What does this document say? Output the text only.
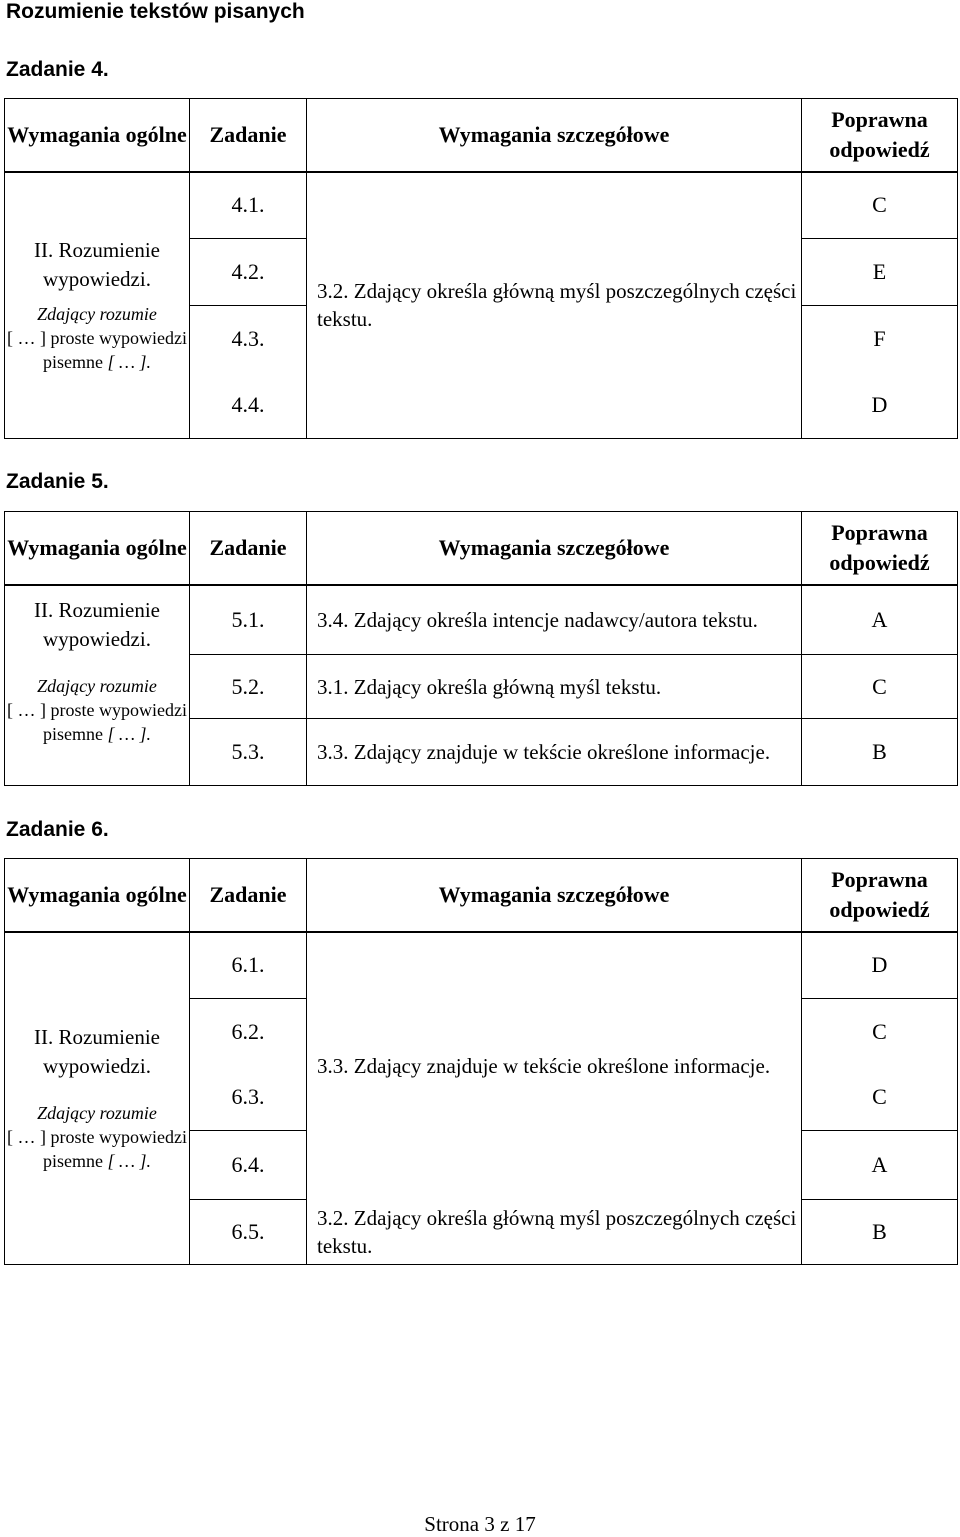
Rozumienie tekstów pisanych
Zadanie 4.
Wymagania ogólne	Zadanie	Wymagania szczegółowe	Poprawna odpowiedź

II. Rozumienie wypowiedzi.
Zdający rozumie
[ … ] proste wypowiedzi pisemne [ … ].	4.1.	3.2. Zdający określa główną myśl poszczególnych części tekstu.	C
	4.2.		E
	4.3.		F
	4.4.		D
Zadanie 5.
Wymagania ogólne	Zadanie	Wymagania szczegółowe	Poprawna odpowiedź

II. Rozumienie wypowiedzi.
Zdający rozumie
[ … ] proste wypowiedzi pisemne [ … ].	5.1.	3.4. Zdający określa intencje nadawcy/autora tekstu.	A
	5.2.	3.1. Zdający określa główną myśl tekstu.	C
	5.3.	3.3. Zdający znajduje w tekście określone informacje.	B
Zadanie 6.
Wymagania ogólne	Zadanie	Wymagania szczegółowe	Poprawna odpowiedź

II. Rozumienie wypowiedzi.
Zdający rozumie
[ … ] proste wypowiedzi pisemne [ … ].	6.1.	3.3. Zdający znajduje w tekście określone informacje.	D
	6.2.		C
	6.3.		C
	6.4.		A
	6.5.	3.2. Zdający określa główną myśl poszczególnych części tekstu.	B
Strona 3 z 17
